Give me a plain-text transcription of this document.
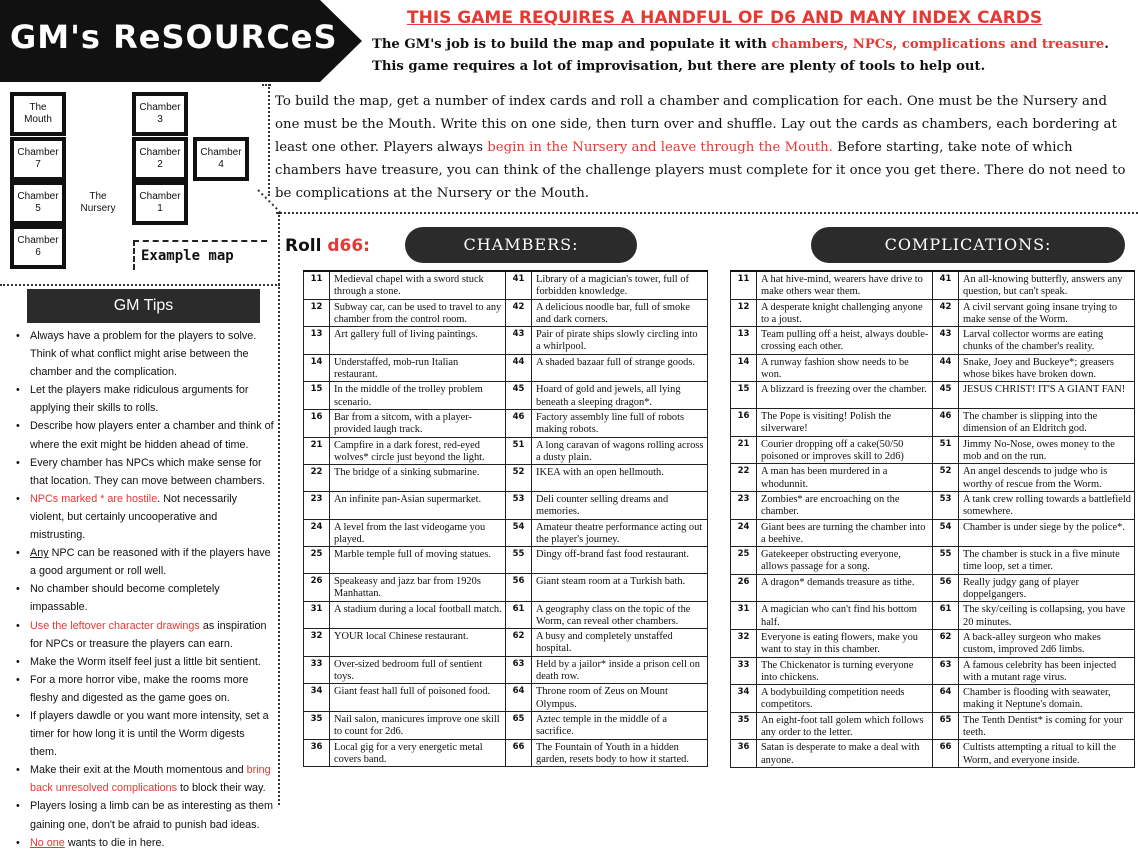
GM's ReSOURCeS	THIS GAME REQUIRES A HANDFUL OF D6 AND MANY INDEX CARDS
The GM's job is to build the map and populate it with chambers, NPCs, complications and treasure. This game requires a lot of improvisation, but there are plenty of tools to help out.
The
Mouth
Chamber
3
Chamber
7
Chamber
2
Chamber
4
Chamber
5
The
Nursery
Chamber
1
Chamber
6	Example map
To build the map, get a number of index cards and roll a chamber and complication for each. One must be the Nursery and one must be the Mouth. Write this on one side, then turn over and shuffle. Lay out the cards as chambers, each bordering at least one other. Players always begin in the Nursery and leave through the Mouth. Before starting, take note of which chambers have treasure, you can think of the challenge players must complete for it once you get there. There do not need to be complications at the Nursery or the Mouth.
GM Tips
• Always have a problem for the players to solve. Think of what conflict might arise between the chamber and the complication.
• Let the players make ridiculous arguments for applying their skills to rolls.
• Describe how players enter a chamber and think of where the exit might be hidden ahead of time.
• Every chamber has NPCs which make sense for that location. They can move between chambers.
• NPCs marked * are hostile. Not necessarily violent, but certainly uncooperative and mistrusting.
• Any NPC can be reasoned with if the players have a good argument or roll well.
• No chamber should become completely impassable.
• Use the leftover character drawings as inspiration for NPCs or treasure the players can earn.
• Make the Worm itself feel just a little bit sentient.
• For a more horror vibe, make the rooms more fleshy and digested as the game goes on.
• If players dawdle or you want more intensity, set a timer for how long it is until the Worm digests them.
• Make their exit at the Mouth momentous and bring back unresolved complications to block their way.
• Players losing a limb can be as interesting as them gaining one, don't be afraid to punish bad ideas.
• No one wants to die in here.
Roll d66:	CHAMBERS:	COMPLICATIONS:
11	Medieval chapel with a sword stuck through a stone.	41	Library of a magician's tower, full of forbidden knowledge.
12	Subway car, can be used to travel to any chamber from the control room.	42	A delicious noodle bar, full of smoke and dark corners.
13	Art gallery full of living paintings.	43	Pair of pirate ships slowly circling into a whirlpool.
14	Understaffed, mob-run Italian restaurant.	44	A shaded bazaar full of strange goods.
15	In the middle of the trolley problem scenario.	45	Hoard of gold and jewels, all lying beneath a sleeping dragon*.
16	Bar from a sitcom, with a player-provided laugh track.	46	Factory assembly line full of robots making robots.
21	Campfire in a dark forest, red-eyed wolves* circle just beyond the light.	51	A long caravan of wagons rolling across a dusty plain.
22	The bridge of a sinking submarine.	52	IKEA with an open hellmouth.
23	An infinite pan-Asian supermarket.	53	Deli counter selling dreams and memories.
24	A level from the last videogame you played.	54	Amateur theatre performance acting out the player's journey.
25	Marble temple full of moving statues.	55	Dingy off-brand fast food restaurant.
26	Speakeasy and jazz bar from 1920s Manhattan.	56	Giant steam room at a Turkish bath.
31	A stadium during a local football match.	61	A geography class on the topic of the Worm, can reveal other chambers.
32	YOUR local Chinese restaurant.	62	A busy and completely unstaffed hospital.
33	Over-sized bedroom full of sentient toys.	63	Held by a jailor* inside a prison cell on death row.
34	Giant feast hall full of poisoned food.	64	Throne room of Zeus on Mount Olympus.
35	Nail salon, manicures improve one skill to count for 2d6.	65	Aztec temple in the middle of a sacrifice.
36	Local gig for a very energetic metal covers band.	66	The Fountain of Youth in a hidden garden, resets body to how it started.
11	A hat hive-mind, wearers have drive to make others wear them.	41	An all-knowing butterfly, answers any question, but can't speak.
12	A desperate knight challenging anyone to a joust.	42	A civil servant going insane trying to make sense of the Worm.
13	Team pulling off a heist, always double-crossing each other.	43	Larval collector worms are eating chunks of the chamber's reality.
14	A runway fashion show needs to be won.	44	Snake, Joey and Buckeye*; greasers whose bikes have broken down.
15	A blizzard is freezing over the chamber.	45	JESUS CHRIST! IT'S A GIANT FAN!
16	The Pope is visiting! Polish the silverware!	46	The chamber is slipping into the dimension of an Eldritch god.
21	Courier dropping off a cake(50/50 poisoned or improves skill to 2d6)	51	Jimmy No-Nose, owes money to the mob and on the run.
22	A man has been murdered in a whodunnit.	52	An angel descends to judge who is worthy of rescue from the Worm.
23	Zombies* are encroaching on the chamber.	53	A tank crew rolling towards a battlefield somewhere.
24	Giant bees are turning the chamber into a beehive.	54	Chamber is under siege by the police*.
25	Gatekeeper obstructing everyone, allows passage for a song.	55	The chamber is stuck in a five minute time loop, set a timer.
26	A dragon* demands treasure as tithe.	56	Really judgy gang of player doppelgangers.
31	A magician who can't find his bottom half.	61	The sky/ceiling is collapsing, you have 20 minutes.
32	Everyone is eating flowers, make you want to stay in this chamber.	62	A back-alley surgeon who makes custom, improved 2d6 limbs.
33	The Chickenator is turning everyone into chickens.	63	A famous celebrity has been injected with a mutant rage virus.
34	A bodybuilding competition needs competitors.	64	Chamber is flooding with seawater, making it Neptune's domain.
35	An eight-foot tall golem which follows any order to the letter.	65	The Tenth Dentist* is coming for your teeth.
36	Satan is desperate to make a deal with anyone.	66	Cultists attempting a ritual to kill the Worm, and everyone inside.
